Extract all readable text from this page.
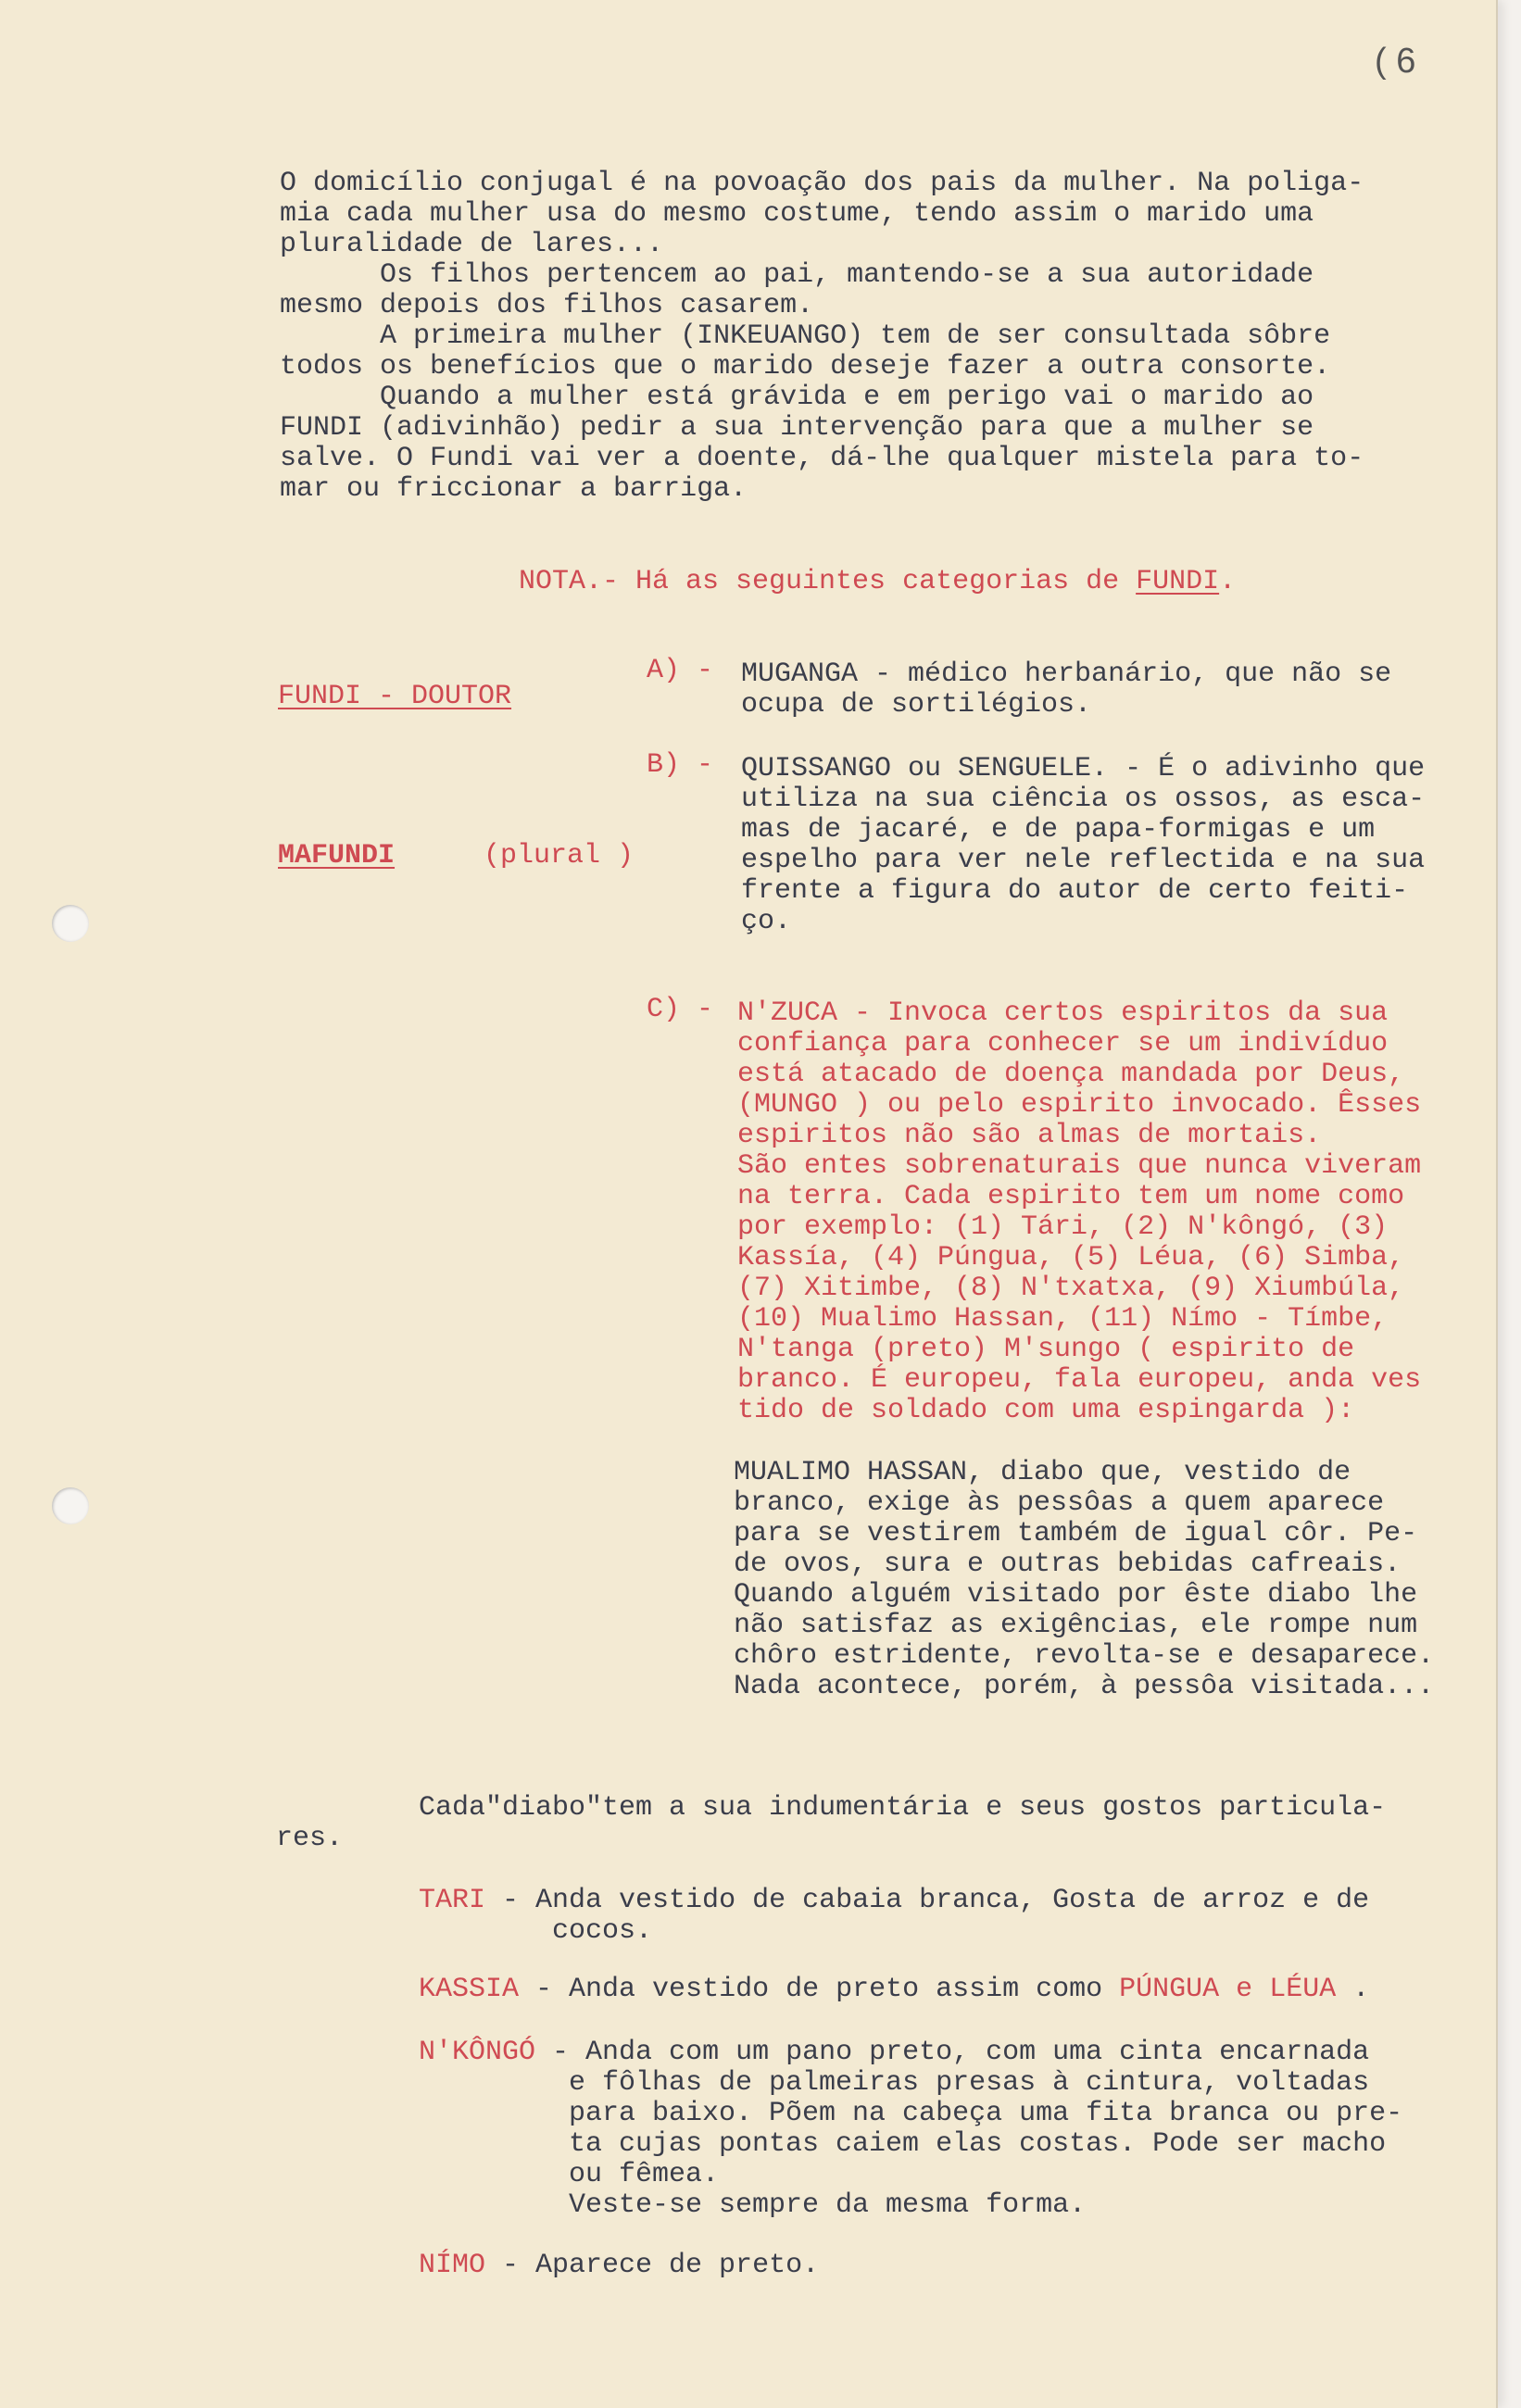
( 6

O domicílio conjugal é na povoação dos pais da mulher. Na poliga-

mia cada mulher usa do mesmo costume, tendo assim o marido uma

pluralidade de lares...

Os filhos pertencem ao pai, mantendo-se a sua autoridade

mesmo depois dos filhos casarem.

A primeira mulher (INKEUANGO) tem de ser consultada sôbre

todos os benefícios que o marido deseje fazer a outra consorte.

Quando a mulher está grávida e em perigo vai o marido ao

FUNDI (adivinhão) pedir a sua intervenção para que a mulher se

salve. O Fundi vai ver a doente, dá-lhe qualquer mistela para to-

mar ou friccionar a barriga.

NOTA.- Há as seguintes categorias de FUNDI.

FUNDI - DOUTOR

MAFUNDI	(plural )

A) - MUGANGA - médico herbanário, que não se

ocupa de sortilégios.

B) - QUISSANGO ou SENGUELE. - É o adivinho que

utiliza na sua ciência os ossos, as esca-

mas de jacaré, e de papa-formigas e um

espelho para ver nele reflectida e na sua

frente a figura do autor de certo feiti-

ço.

C) - N'ZUCA - Invoca certos espiritos da sua

confiança para conhecer se um indivíduo

está atacado de doença mandada por Deus,

(MUNGO ) ou pelo espirito invocado. Êsses

espiritos não são almas de mortais.

São entes sobrenaturais que nunca viveram

na terra. Cada espirito tem um nome como

por exemplo: (1) Tári, (2) N'kôngó, (3)

Kassía, (4) Púngua, (5) Léua, (6) Simba,

(7) Xitimbe, (8) N'txatxa, (9) Xiumbúla,

(10) Mualimo Hassan, (11) Nímo - Tímbe,

N'tanga (preto) M'sungo ( espirito de

branco. É europeu, fala europeu, anda ves

tido de soldado com uma espingarda ):

MUALIMO HASSAN, diabo que, vestido de

branco, exige às pessôas a quem aparece

para se vestirem também de igual côr. Pe-

de ovos, sura e outras bebidas cafreais.

Quando alguém visitado por êste diabo lhe

não satisfaz as exigências, ele rompe num

chôro estridente, revolta-se e desaparece.

Nada acontece, porém, à pessôa visitada...

Cada"diabo"tem a sua indumentária e seus gostos particula-

res.

TARI - Anda vestido de cabaia branca, Gosta de arroz e de

cocos.

KASSIA - Anda vestido de preto assim como PÚNGUA e LÉUA .

N'KÔNGÓ - Anda com um pano preto, com uma cinta encarnada

e fôlhas de palmeiras presas à cintura, voltadas

para baixo. Põem na cabeça uma fita branca ou pre-

ta cujas pontas caiem elas costas. Pode ser macho

ou fêmea.

Veste-se sempre da mesma forma.

NÍMO - Aparece de preto.
